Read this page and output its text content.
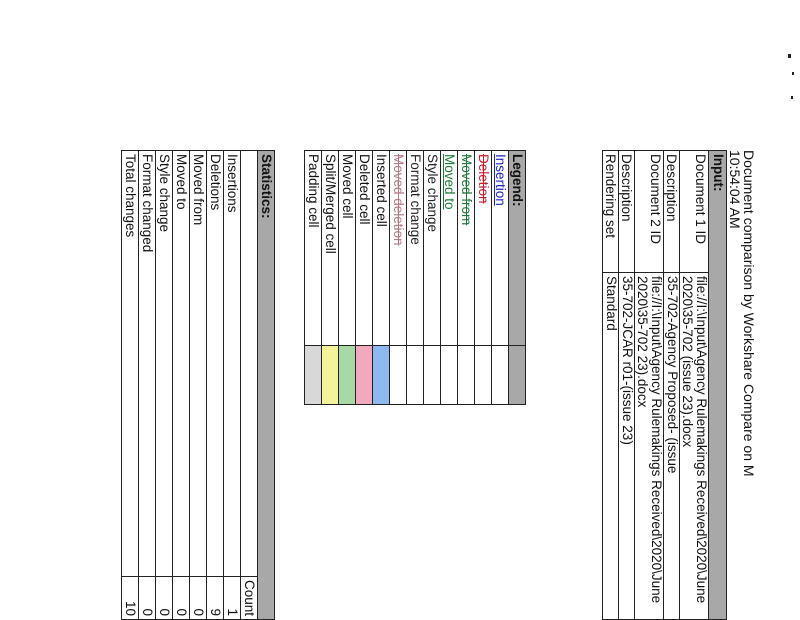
Document comparison by Workshare Compare on M
10:54:04 AM
Input:	
Document 1 ID	file://I:\Input\Agency Rulemakings Received\2020\June 2020\35-702 (issue 23).docx
Description	35-702-Agency Proposed- (issue
Document 2 ID	file://I:\Input\Agency Rulemakings Received\2020\June 2020\35-702 23).docx
Description	35-702-JCAR r01-(issue 23)
Rendering set	Standard
Legend:	
Insertion	
Deletion	
Moved from	
Moved to	
Style change	
Format change	
Moved deletion	
Inserted cell	
Deleted cell	
Moved cell	
Split/Merged cell	
Padding cell	
Statistics:	
	Count
Insertions	1
Deletions	9
Moved from	0
Moved to	0
Style change	0
Format changed	0
Total changes	10
